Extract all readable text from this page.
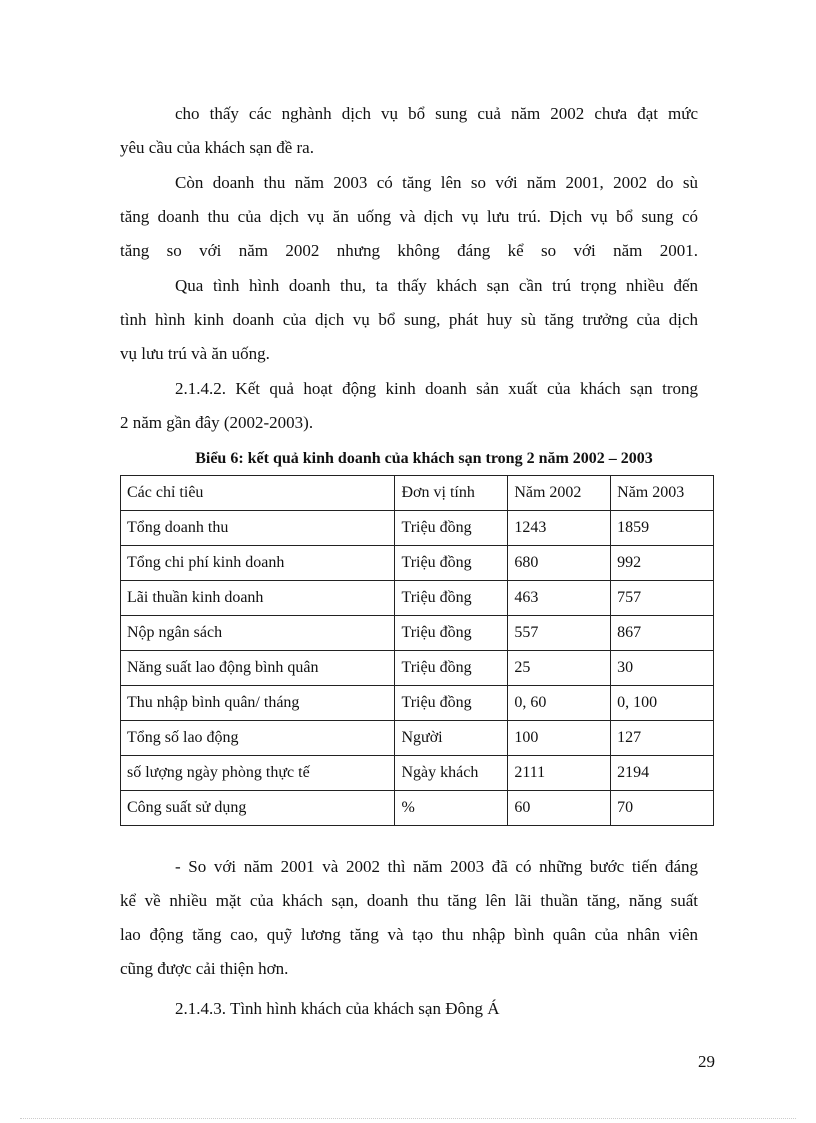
cho thấy các nghành dịch vụ bổ sung cuả năm 2002 chưa đạt mức
yêu cầu của khách sạn đề ra.
Còn doanh thu năm 2003 có tăng lên so với năm 2001, 2002 do sù
tăng doanh thu của dịch vụ ăn uống và dịch vụ lưu trú. Dịch vụ bổ sung có
tăng so với năm 2002 nhưng không đáng kể so với năm 2001.
Qua tình hình doanh thu, ta thấy khách sạn cần trú trọng nhiều đến
tình hình kinh doanh của dịch vụ bổ sung, phát huy sù tăng trưởng của dịch
vụ lưu trú và ăn uống.
2.1.4.2. Kết quả hoạt động kinh doanh sản xuất của khách sạn trong
2 năm gần đây (2002-2003).

Biểu 6: kết quả kinh doanh của khách sạn trong 2 năm 2002 – 2003

Các chỉ tiêu	Đơn vị tính	Năm 2002	Năm 2003
Tổng doanh thu	Triệu đồng	1243	1859
Tổng chi phí kinh doanh	Triệu đồng	680	992
Lãi thuần kinh doanh	Triệu đồng	463	757
Nộp ngân sách	Triệu đồng	557	867
Năng suất lao động bình quân	Triệu đồng	25	30
Thu nhập bình quân/ tháng	Triệu đồng	0, 60	0, 100
Tổng số lao động	Người	100	127
số lượng ngày phòng thực tế	Ngày khách	2111	2194
Công suất sử dụng	%	60	70
- So với năm 2001 và 2002 thì năm 2003 đã có những bước tiến đáng
kể về nhiều mặt của khách sạn, doanh thu tăng lên lãi thuần tăng, năng suất
lao động tăng cao, quỹ lương tăng và tạo thu nhập bình quân của nhân viên
cũng được cải thiện hơn.
2.1.4.3. Tình hình khách của khách sạn Đông Á

29
